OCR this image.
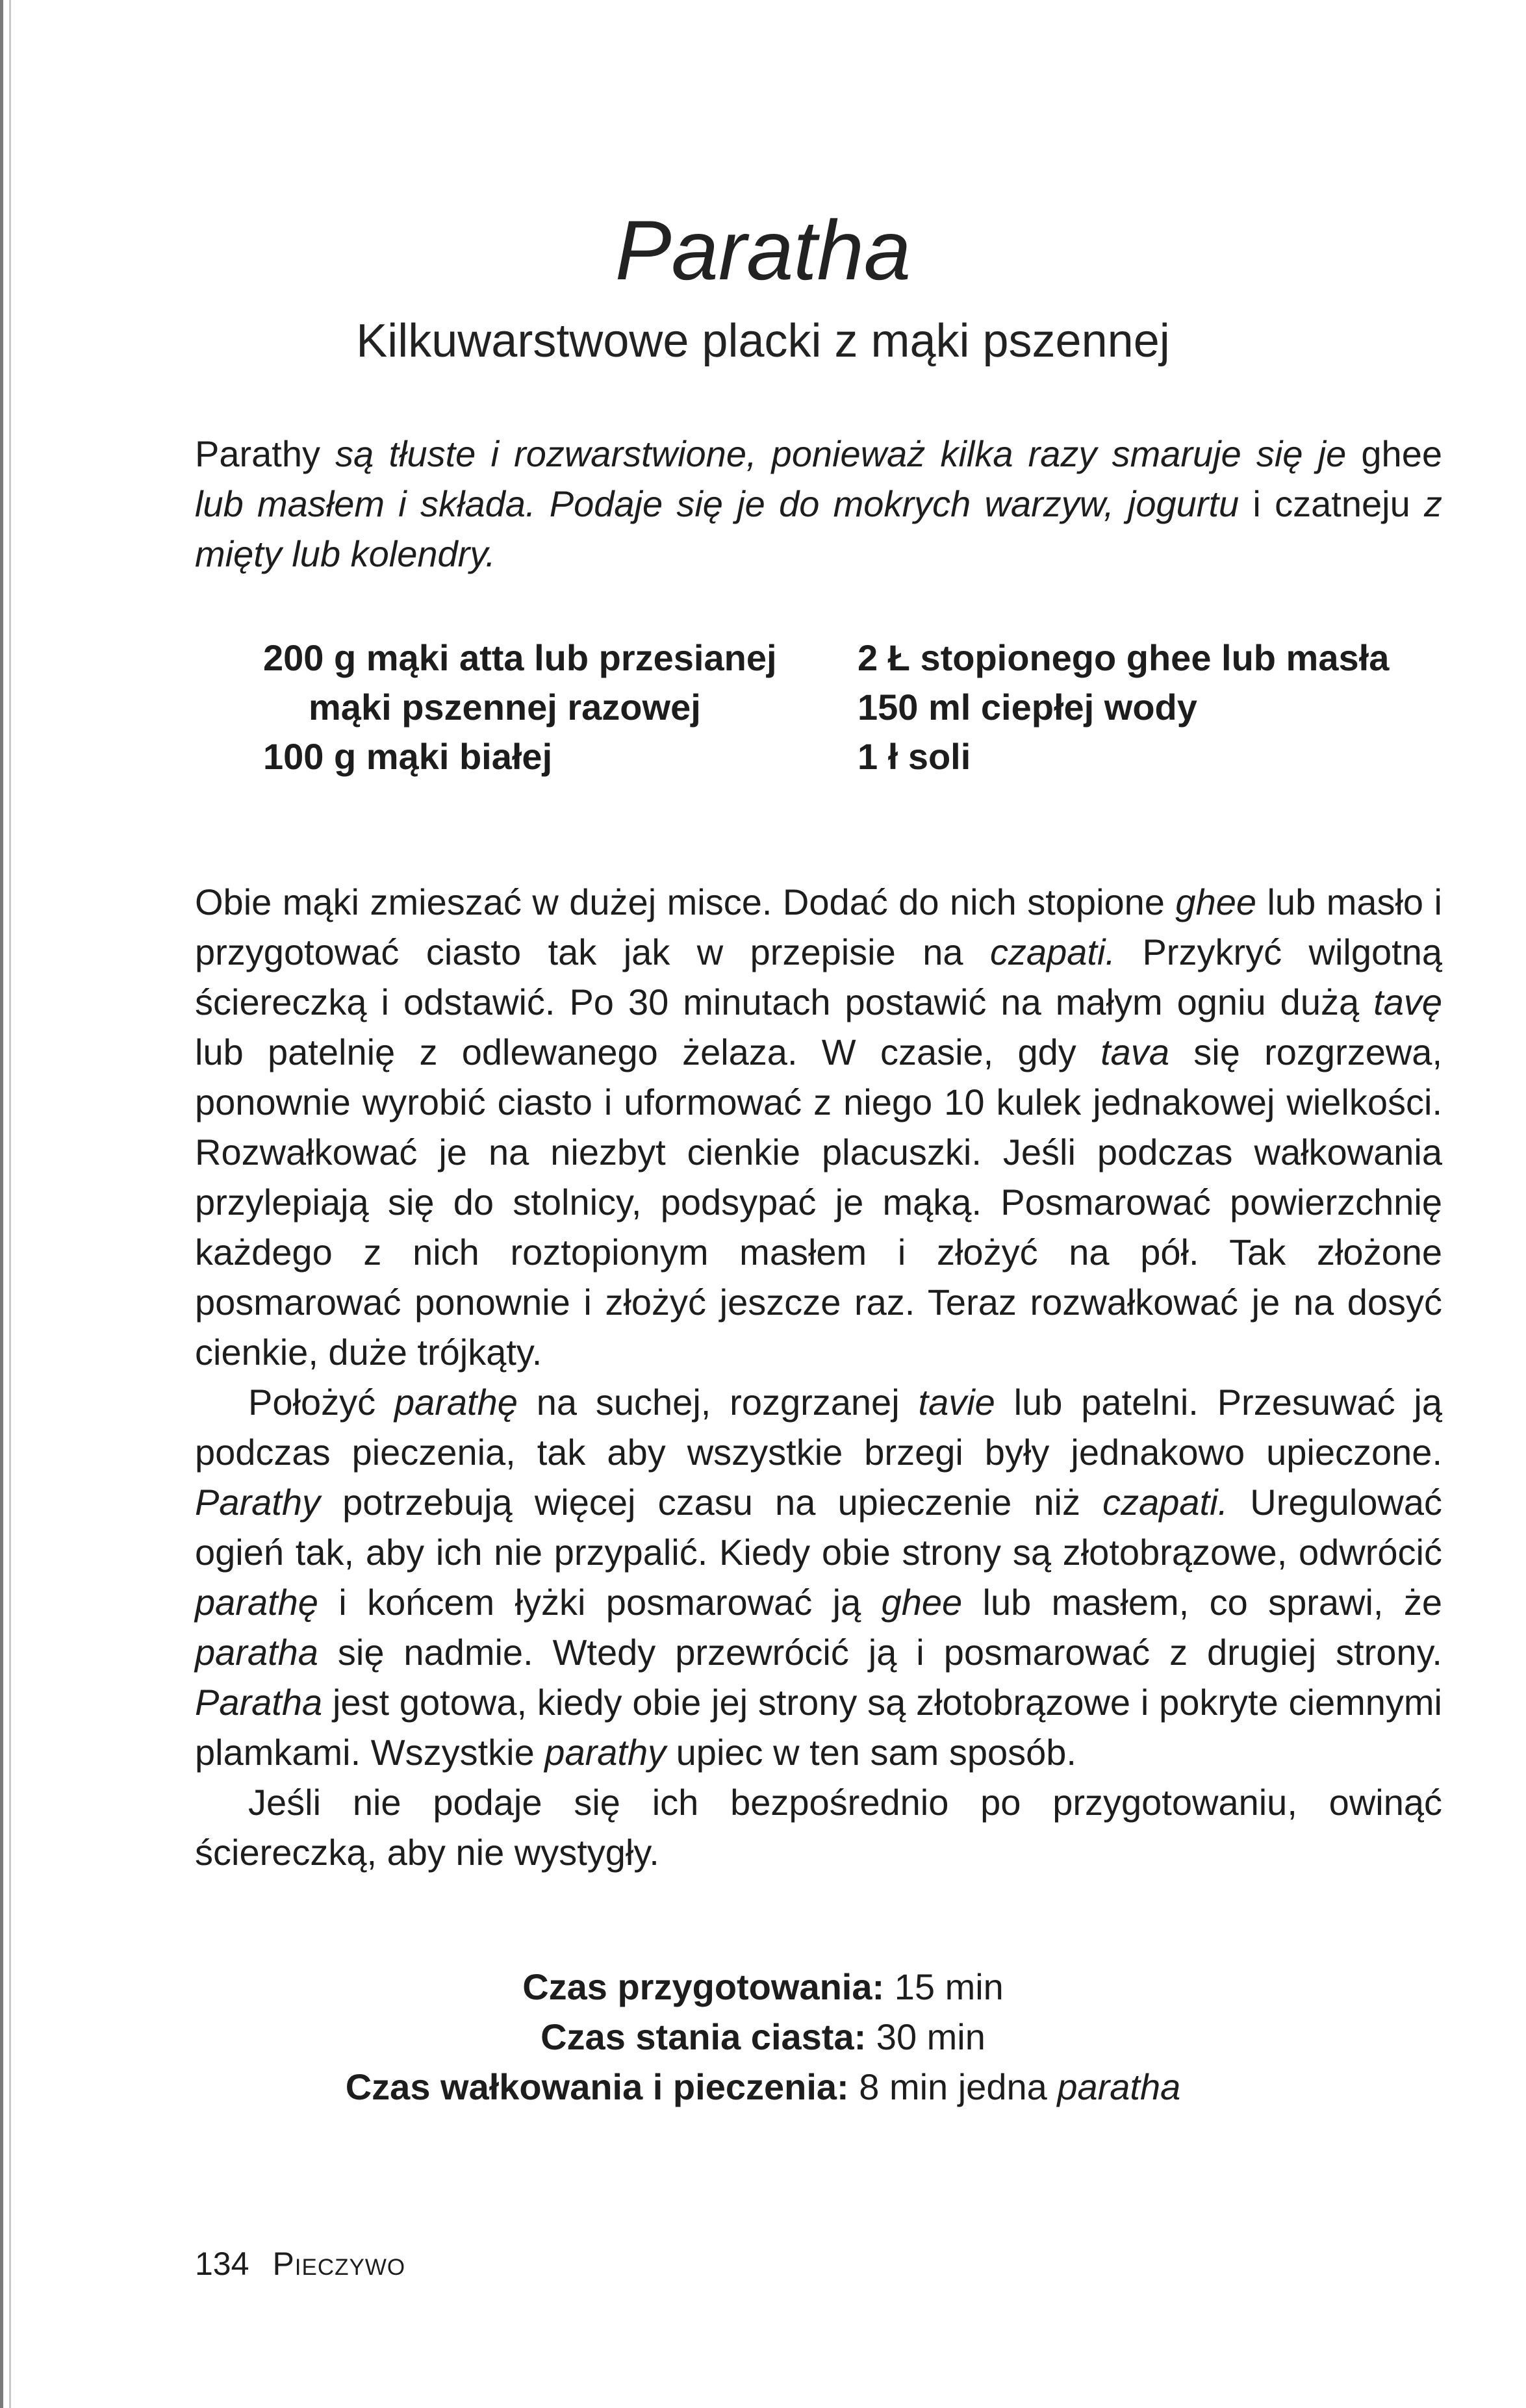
Paratha
Kilkuwarstwowe placki z mąki pszennej
Parathy są tłuste i rozwarstwione, ponieważ kilka razy smaruje się je ghee lub masłem i składa. Podaje się je do mokrych warzyw, jogurtu i czatneju z mięty lub kolendry.
200 g mąki atta lub przesianej mąki pszennej razowej
100 g mąki białej
2 Ł stopionego ghee lub masła
150 ml ciepłej wody
1 ł soli

Obie mąki zmieszać w dużej misce. Dodać do nich stopione ghee lub masło i przygotować ciasto tak jak w przepisie na czapati. Przykryć wilgotną ściereczką i odstawić. Po 30 minutach postawić na małym ogniu dużą tavę lub patelnię z odlewanego żelaza. W czasie, gdy tava się rozgrzewa, ponownie wyrobić ciasto i uformować z niego 10 kulek jednakowej wielkości. Rozwałkować je na niezbyt cienkie placuszki. Jeśli podczas wałkowania przylepiają się do stolnicy, podsypać je mąką. Posmarować powierzchnię każdego z nich roztopionym masłem i złożyć na pół. Tak złożone posmarować ponownie i złożyć jeszcze raz. Teraz rozwałkować je na dosyć cienkie, duże trójkąty.

Położyć parathę na suchej, rozgrzanej tavie lub patelni. Przesuwać ją podczas pieczenia, tak aby wszystkie brzegi były jednakowo upieczone. Parathy potrzebują więcej czasu na upieczenie niż czapati. Uregulować ogień tak, aby ich nie przypalić. Kiedy obie strony są złotobrązowe, odwrócić parathę i końcem łyżki posmarować ją ghee lub masłem, co sprawi, że paratha się nadmie. Wtedy przewrócić ją i posmarować z drugiej strony. Paratha jest gotowa, kiedy obie jej strony są złotobrązowe i pokryte ciemnymi plamkami. Wszystkie parathy upiec w ten sam sposób.

Jeśli nie podaje się ich bezpośrednio po przygotowaniu, owinąć ściereczką, aby nie wystygły.

Czas przygotowania: 15 min
Czas stania ciasta: 30 min
Czas wałkowania i pieczenia: 8 min jedna paratha
134 Pieczywo
